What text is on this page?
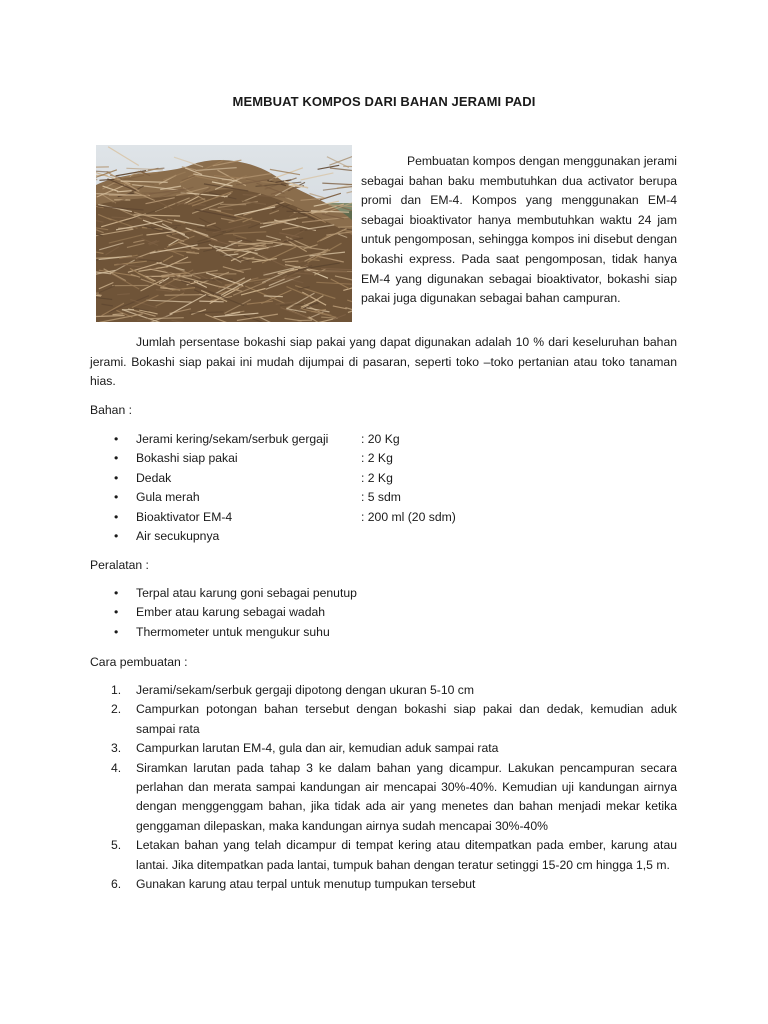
MEMBUAT KOMPOS DARI BAHAN JERAMI PADI

Pembuatan kompos dengan menggunakan jerami sebagai bahan baku membutuhkan dua activator berupa promi dan EM-4. Kompos yang menggunakan EM-4 sebagai bioaktivator hanya membutuhkan waktu 24 jam untuk pengomposan, sehingga kompos ini disebut dengan bokashi express. Pada saat pengomposan, tidak hanya EM-4 yang digunakan sebagai bioaktivator, bokashi siap pakai juga digunakan sebagai bahan campuran.

Jumlah persentase bokashi siap pakai yang dapat digunakan adalah 10 % dari keseluruhan bahan jerami. Bokashi siap pakai ini mudah dijumpai di pasaran, seperti toko –toko pertanian atau toko tanaman hias.

Bahan :

• Jerami kering/sekam/serbuk gergaji	: 20 Kg
• Bokashi siap pakai	: 2 Kg
• Dedak	: 2 Kg
• Gula merah	: 5 sdm
• Bioaktivator EM-4	: 200 ml (20 sdm)
• Air secukupnya

Peralatan :

• Terpal atau karung goni sebagai penutup
• Ember atau karung sebagai wadah
• Thermometer untuk mengukur suhu

Cara pembuatan :

1. Jerami/sekam/serbuk gergaji dipotong dengan ukuran 5-10 cm
2. Campurkan potongan bahan tersebut dengan bokashi siap pakai dan dedak, kemudian aduk sampai rata
3. Campurkan larutan EM-4, gula dan air, kemudian aduk sampai rata
4. Siramkan larutan pada tahap 3 ke dalam bahan yang dicampur. Lakukan pencampuran secara perlahan dan merata sampai kandungan air mencapai 30%-40%. Kemudian uji kandungan airnya dengan menggenggam bahan, jika tidak ada air yang menetes dan bahan menjadi mekar ketika genggaman dilepaskan, maka kandungan airnya sudah mencapai 30%-40%
5. Letakan bahan yang telah dicampur di tempat kering atau ditempatkan pada ember, karung atau lantai. Jika ditempatkan pada lantai, tumpuk bahan dengan teratur setinggi 15-20 cm hingga 1,5 m.
6. Gunakan karung atau terpal untuk menutup tumpukan tersebut
